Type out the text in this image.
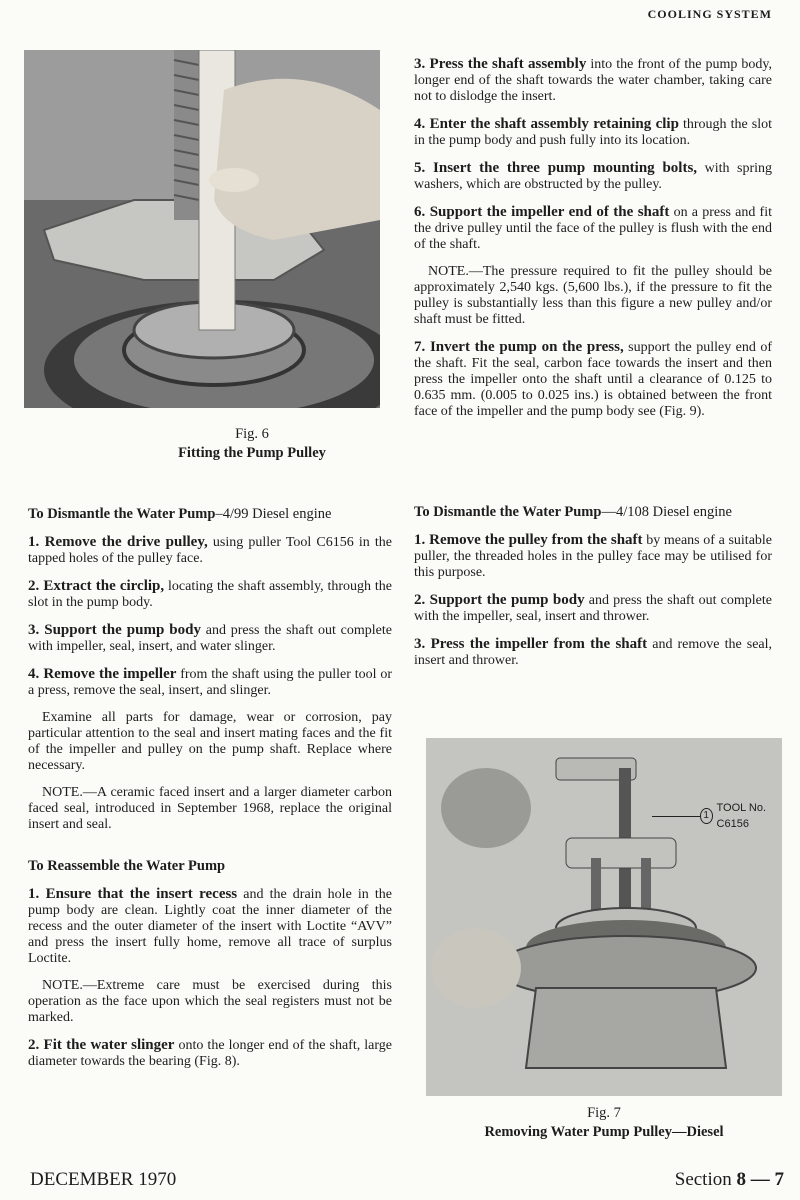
COOLING SYSTEM
Fig. 6
Fitting the Pump Pulley

3. Press the shaft assembly into the front of the pump body, longer end of the shaft towards the water chamber, taking care not to dislodge the insert.

4. Enter the shaft assembly retaining clip through the slot in the pump body and push fully into its location.

5. Insert the three pump mounting bolts, with spring washers, which are obstructed by the pulley.

6. Support the impeller end of the shaft on a press and fit the drive pulley until the face of the pulley is flush with the end of the shaft.

NOTE.—The pressure required to fit the pulley should be approximately 2,540 kgs. (5,600 lbs.), if the pressure to fit the pulley is substantially less than this figure a new pulley and/or shaft must be fitted.

7. Invert the pump on the press, support the pulley end of the shaft. Fit the seal, carbon face towards the insert and then press the impeller onto the shaft until a clearance of 0.125 to 0.635 mm. (0.005 to 0.025 ins.) is obtained between the front face of the impeller and the pump body see (Fig. 9).

To Dismantle the Water Pump–4/99 Diesel engine

1. Remove the drive pulley, using puller Tool C6156 in the tapped holes of the pulley face.

2. Extract the circlip, locating the shaft assembly, through the slot in the pump body.

3. Support the pump body and press the shaft out complete with impeller, seal, insert, and water slinger.

4. Remove the impeller from the shaft using the puller tool or a press, remove the seal, insert, and slinger.

Examine all parts for damage, wear or corrosion, pay particular attention to the seal and insert mating faces and the fit of the impeller and pulley on the pump shaft. Replace where necessary.

NOTE.—A ceramic faced insert and a larger diameter carbon faced seal, introduced in September 1968, replace the original insert and seal.

To Reassemble the Water Pump

1. Ensure that the insert recess and the drain hole in the pump body are clean. Lightly coat the inner diameter of the recess and the outer diameter of the insert with Loctite “AVV” and press the insert fully home, remove all trace of surplus Loctite.

NOTE.—Extreme care must be exercised during this operation as the face upon which the seal registers must not be marked.

2. Fit the water slinger onto the longer end of the shaft, large diameter towards the bearing (Fig. 8).

To Dismantle the Water Pump—4/108 Diesel engine

1. Remove the pulley from the shaft by means of a suitable puller, the threaded holes in the pulley face may be utilised for this purpose.

2. Support the pump body and press the shaft out complete with the impeller, seal, insert and thrower.

3. Press the impeller from the shaft and remove the seal, insert and thrower.

1
TOOL No. C6156
Fig. 7
Removing Water Pump Pulley—Diesel
DECEMBER 1970	Section 8 — 7
